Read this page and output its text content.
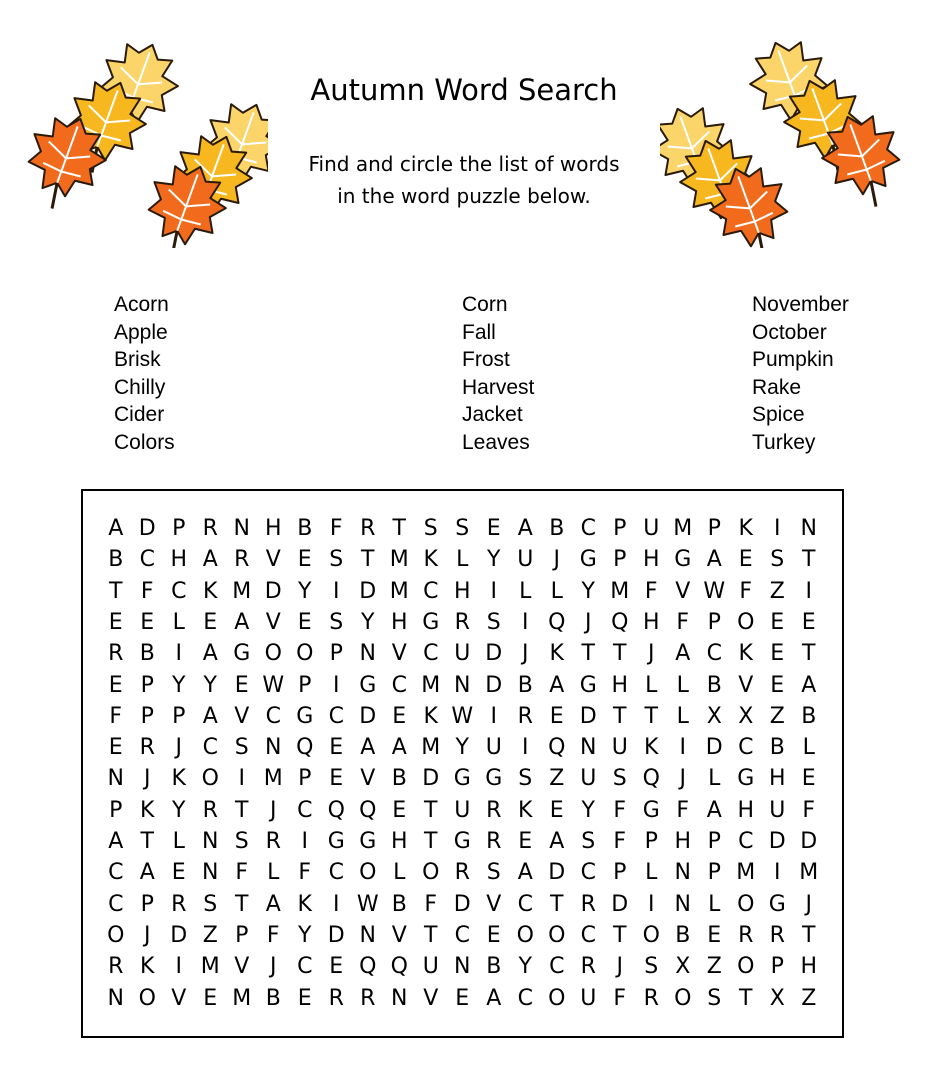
Autumn Word Search
Find and circle the list of words
in the word puzzle below.
Acorn
Apple
Brisk
Chilly
Cider
Colors
Corn
Fall
Frost
Harvest
Jacket
Leaves
November
October
Pumpkin
Rake
Spice
Turkey
A D P R N H B F R T S S E A B C P U M P K I N
B C H A R V E S T M K L Y U J G P H G A E S T
T F C K M D Y I D M C H I	L L Y M F V W F Z I
E E L E A V E S Y H G R S I Q J Q H F P O E E
R B I A G O O P N V C U D J K T T J A C K E T
E P Y Y E W P I G C M N D B A G H L L B V E A
F P P A V C G C D E K W I R E D T T L X X Z B
E R J C S N Q E A A M Y U I Q N U K I D C B L
N J K O I M P E V B D G G S Z U S Q J	L G H E
P K Y R T J C Q Q E T U R K E Y F G F A H U F
A T L N S R I G G H T G R E A S F P H P C D D
C A E N F L F C O L O R S A D C P L N P M I M
C P R S T A K I W B F D V C T R D I N L O G J
O J D Z P F Y D N V T C E O O C T O B E R R T
R K I M V J C E Q Q U N B Y C R J S X Z O P H
N O V E M B E R R N V E A C O U F R O S T X Z
